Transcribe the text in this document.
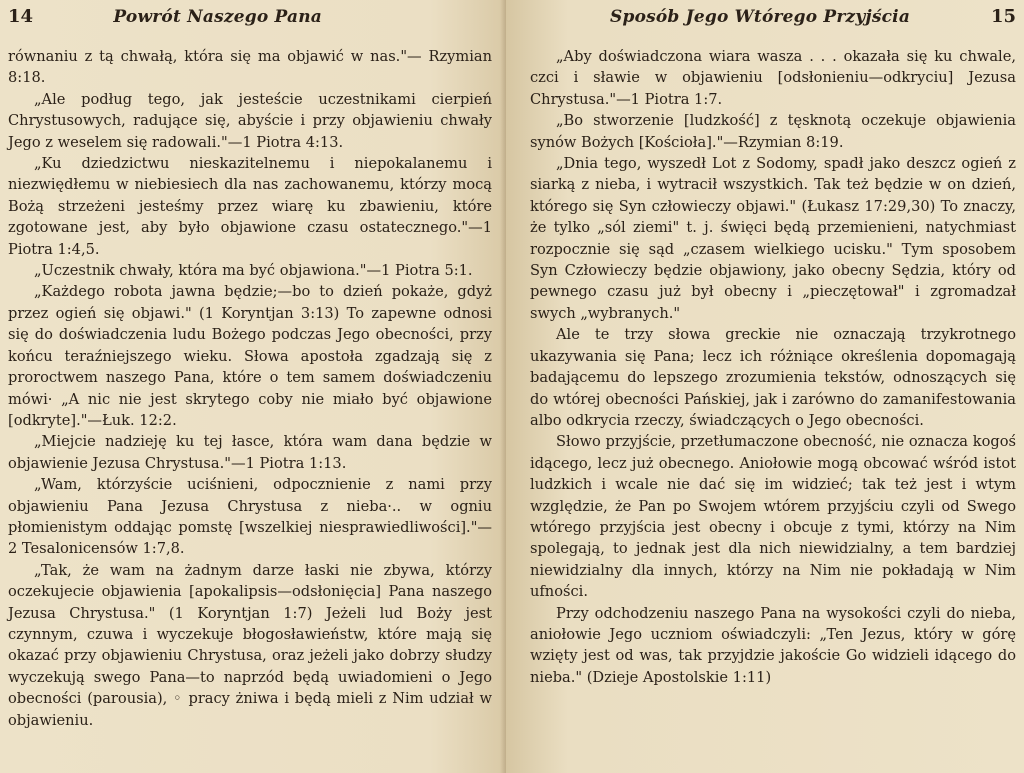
14	Powrót Naszego Pana

równaniu z tą chwałą, która się ma objawić w nas."— Rzymian 8:18.

„Ale podług tego, jak jesteście uczestnikami cierpień Chrystusowych, radujące się, abyście i przy objawieniu chwały Jego z weselem się radowali."—1 Piotra 4:13.

„Ku dziedzictwu nieskazitelnemu i niepokalanemu i niezwiędłemu w niebiesiech dla nas zachowanemu, którzy mocą Bożą strzeżeni jesteśmy przez wiarę ku zbawieniu, które zgotowane jest, aby było objawione czasu ostatecznego."—1 Piotra 1:4,5.

„Uczestnik chwały, która ma być objawiona."—1 Piotra 5:1.

„Każdego robota jawna będzie;—bo to dzień pokaże, gdyż przez ogień się objawi." (1 Koryntjan 3:13) To zapewne odnosi się do doświadczenia ludu Bożego podczas Jego obecności, przy końcu teraźniejszego wieku. Słowa apostoła zgadzają się z proroctwem naszego Pana, które o tem samem doświadczeniu mówi· „A nic nie jest skrytego coby nie miało być objawione [odkryte]."—Łuk. 12:2.

„Miejcie nadzieję ku tej łasce, która wam dana będzie w objawienie Jezusa Chrystusa."—1 Piotra 1:13.

„Wam, którzyście uciśnieni, odpocznienie z nami przy objawieniu Pana Jezusa Chrystusa z nieba·.. w ogniu płomienistym oddając pomstę [wszelkiej niesprawiedliwości]."—2 Tesalonicensów 1:7,8.

„Tak, że wam na żadnym darze łaski nie zbywa, którzy oczekujecie objawienia [apokalipsis—odsłonięcia] Pana naszego Jezusa Chrystusa." (1 Koryntjan 1:7) Jeżeli lud Boży jest czynnym, czuwa i wyczekuje błogosławieństw, które mają się okazać przy objawieniu Chrystusa, oraz jeżeli jako dobrzy słudzy wyczekują swego Pana—to naprzód będą uwiadomieni o Jego obecności (parousia), ◦ pracy żniwa i będą mieli z Nim udział w objawieniu.

Sposób Jego Wtórego Przyjścia	15

„Aby doświadczona wiara wasza . . . okazała się ku chwale, czci i sławie w objawieniu [odsłonieniu—odkryciu] Jezusa Chrystusa."—1 Piotra 1:7.

„Bo stworzenie [ludzkość] z tęsknotą oczekuje objawienia synów Bożych [Kościoła]."—Rzymian 8:19.

„Dnia tego, wyszedł Lot z Sodomy, spadł jako deszcz ogień z siarką z nieba, i wytracił wszystkich. Tak też będzie w on dzień, którego się Syn człowieczy objawi." (Łukasz 17:29,30) To znaczy, że tylko „sól ziemi" t. j. święci będą przemienieni, natychmiast rozpocznie się sąd „czasem wielkiego ucisku." Tym sposobem Syn Człowieczy będzie objawiony, jako obecny Sędzia, który od pewnego czasu już był obecny i „pieczętował" i zgromadzał swych „wybranych."

Ale te trzy słowa greckie nie oznaczają trzykrotnego ukazywania się Pana; lecz ich różniące określenia dopomagają badającemu do lepszego zrozumienia tekstów, odnoszących się do wtórej obecności Pańskiej, jak i zarówno do zamanifestowania albo odkrycia rzeczy, świadczących o Jego obecności.

Słowo przyjście, przetłumaczone obecność, nie oznacza kogoś idącego, lecz już obecnego. Aniołowie mogą obcować wśród istot ludzkich i wcale nie dać się im widzieć; tak też jest i wtym względzie, że Pan po Swojem wtórem przyjściu czyli od Swego wtórego przyjścia jest obecny i obcuje z tymi, którzy na Nim spolegają, to jednak jest dla nich niewidzialny, a tem bardziej niewidzialny dla innych, którzy na Nim nie pokładają w Nim ufności.

Przy odchodzeniu naszego Pana na wysokości czyli do nieba, aniołowie Jego uczniom oświadczyli: „Ten Jezus, który w górę wzięty jest od was, tak przyjdzie jakoście Go widzieli idącego do nieba." (Dzieje Apostolskie 1:11)
